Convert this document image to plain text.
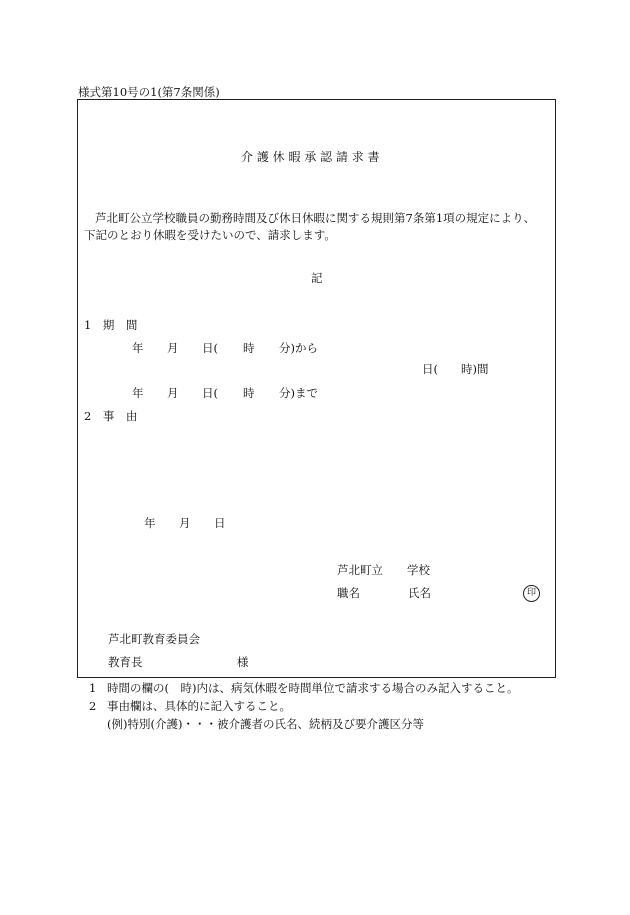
様式第10号の1(第7条関係)
介 護 休 暇 承 認 請 求 書
芦北町公立学校職員の勤務時間及び休日休暇に関する規則第7条第1項の規定により、
下記のとおり休暇を受けたいので、請求します。
記
1　期　間
年 月 日( 時 分)から
日(　　時)間
年 月 日( 時 分)まで
2　事　由
年 月 日
芦北町立 学校
職名	氏名	印
芦北町教育委員会
教育長	様
1 時間の欄の(　時)内は、病気休暇を時間単位で請求する場合のみ記入すること。
2 事由欄は、具体的に記入すること。
(例)特別(介護)・・・被介護者の氏名、続柄及び要介護区分等
